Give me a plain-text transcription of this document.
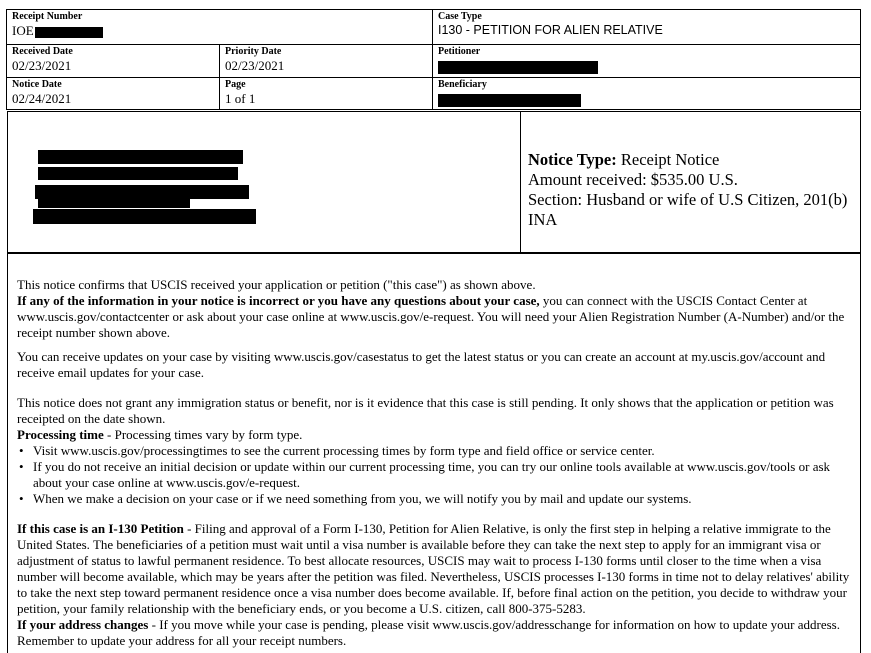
Receipt Number
IOE
Case Type
I130 - PETITION FOR ALIEN RELATIVE
Received Date
02/23/2021
Priority Date
02/23/2021
Petitioner
Notice Date
02/24/2021
Page
1 of 1
Beneficiary
Notice Type: Receipt Notice
Amount received: $535.00 U.S.
Section: Husband or wife of U.S Citizen, 201(b) INA

This notice confirms that USCIS received your application or petition ("this case") as shown above.

If any of the information in your notice is incorrect or you have any questions about your case, you can connect with the USCIS Contact Center at www.uscis.gov/contactcenter or ask about your case online at www.uscis.gov/e-request. You will need your Alien Registration Number (A-Number) and/or the receipt number shown above.

You can receive updates on your case by visiting www.uscis.gov/casestatus to get the latest status or you can create an account at my.uscis.gov/account and receive email updates for your case.

This notice does not grant any immigration status or benefit, nor is it evidence that this case is still pending. It only shows that the application or petition was receipted on the date shown.

Processing time - Processing times vary by form type.

• Visit www.uscis.gov/processingtimes to see the current processing times by form type and field office or service center.
• If you do not receive an initial decision or update within our current processing time, you can try our online tools available at www.uscis.gov/tools or ask about your case online at www.uscis.gov/e-request.
• When we make a decision on your case or if we need something from you, we will notify you by mail and update our systems.

If this case is an I-130 Petition - Filing and approval of a Form I-130, Petition for Alien Relative, is only the first step in helping a relative immigrate to the United States. The beneficiaries of a petition must wait until a visa number is available before they can take the next step to apply for an immigrant visa or adjustment of status to lawful permanent residence. To best allocate resources, USCIS may wait to process I-130 forms until closer to the time when a visa number will become available, which may be years after the petition was filed. Nevertheless, USCIS processes I-130 forms in time not to delay relatives' ability to take the next step toward permanent residence once a visa number does become available. If, before final action on the petition, you decide to withdraw your petition, your family relationship with the beneficiary ends, or you become a U.S. citizen, call 800-375-5283.

If your address changes - If you move while your case is pending, please visit www.uscis.gov/addresschange for information on how to update your address. Remember to update your address for all your receipt numbers.
